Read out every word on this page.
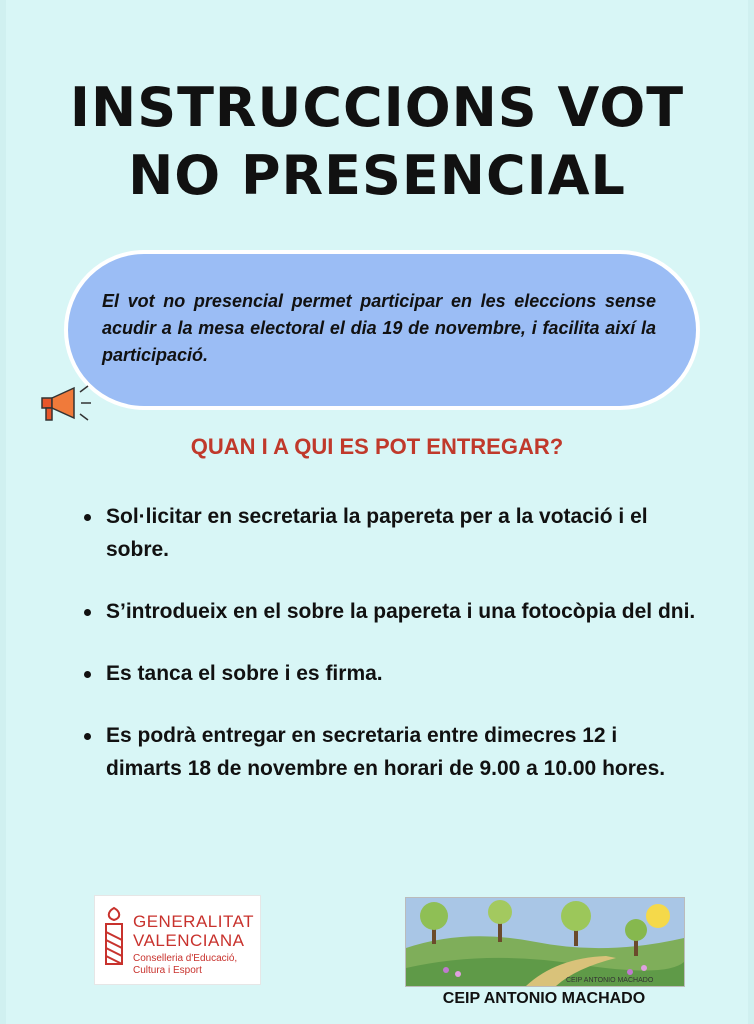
INSTRUCCIONS VOT
NO PRESENCIAL
El vot no presencial permet participar en les eleccions sense acudir a la mesa electoral el dia 19 de novembre, i facilita així la participació.
QUAN I A QUI ES POT ENTREGAR?
Sol·licitar en secretaria la papereta per a la votació i el sobre.
S’introdueix en el sobre la papereta i una fotocòpia del dni.
Es tanca el sobre i es firma.
Es podrà entregar en secretaria entre dimecres 12 i dimarts 18 de novembre en horari de 9.00 a 10.00 hores.
GENERALITAT
VALENCIANA
Conselleria d'Educació,
Cultura i Esport
CEIP ANTONIO MACHADO
CEIP ANTONIO MACHADO
